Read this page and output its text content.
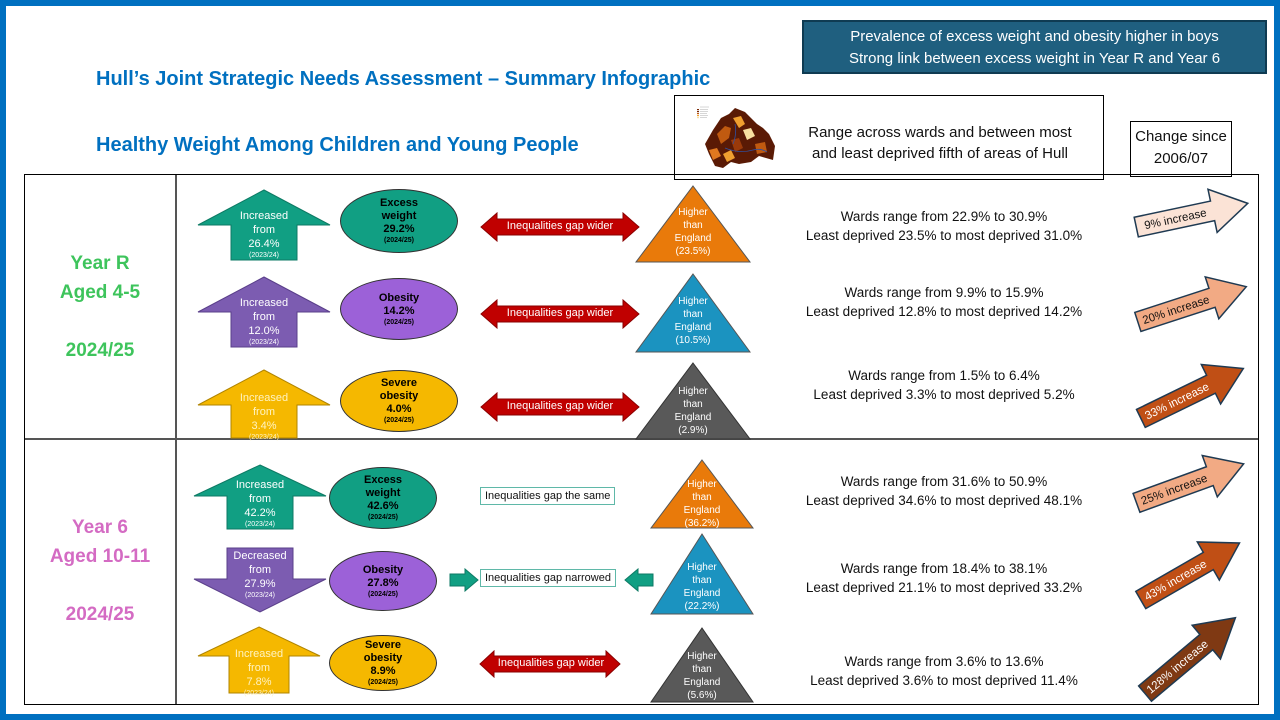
Hull’s Joint Strategic Needs Assessment – Summary Infographic
Healthy Weight Among Children and Young People
Prevalence of excess weight and obesity higher in boys
Strong link between excess weight in Year R and Year 6
Range across wards and between most
and least deprived fifth of areas of Hull
Change since
2006/07
Year R
Aged 4-5
2024/25
Year 6
Aged 10-11
2024/25
Increased
from
26.4%
(2023/24)
Excess
weight
29.2%
(2024/25)
Inequalities gap wider
Higher
than
England
(23.5%)
Wards range from 22.9% to 30.9%
Least deprived 23.5% to most deprived 31.0%
9% increase
Increased
from
12.0%
(2023/24)
Obesity
14.2%
(2024/25)
Inequalities gap wider
Higher
than
England
(10.5%)
Wards range from 9.9% to 15.9%
Least deprived 12.8% to most deprived 14.2%	20% increase
Increased
from
3.4%
(2023/24)
Severe
obesity
4.0%
(2024/25)
Inequalities gap wider
Higher
than
England
(2.9%)
Wards range from 1.5% to 6.4%
Least deprived 3.3% to most deprived 5.2%	33% increase
Increased
from
42.2%
(2023/24)
Excess
weight
42.6%
(2024/25)
Inequalities gap the same
Higher
than
England
(36.2%)
Wards range from 31.6% to 50.9%
Least deprived 34.6% to most deprived 48.1%	25% increase
Decreased
from
27.9%
(2023/24)
Obesity
27.8%
(2024/25)
Inequalities gap narrowed
Higher
than
England
(22.2%)
Wards range from 18.4% to 38.1%
Least deprived 21.1% to most deprived 33.2%	43% increase
Increased
from
7.8%
(2023/24)
Severe
obesity
8.9%
(2024/25)
Inequalities gap wider
Higher
than
England
(5.6%)
Wards range from 3.6% to 13.6%
Least deprived 3.6% to most deprived 11.4%	128% increase
